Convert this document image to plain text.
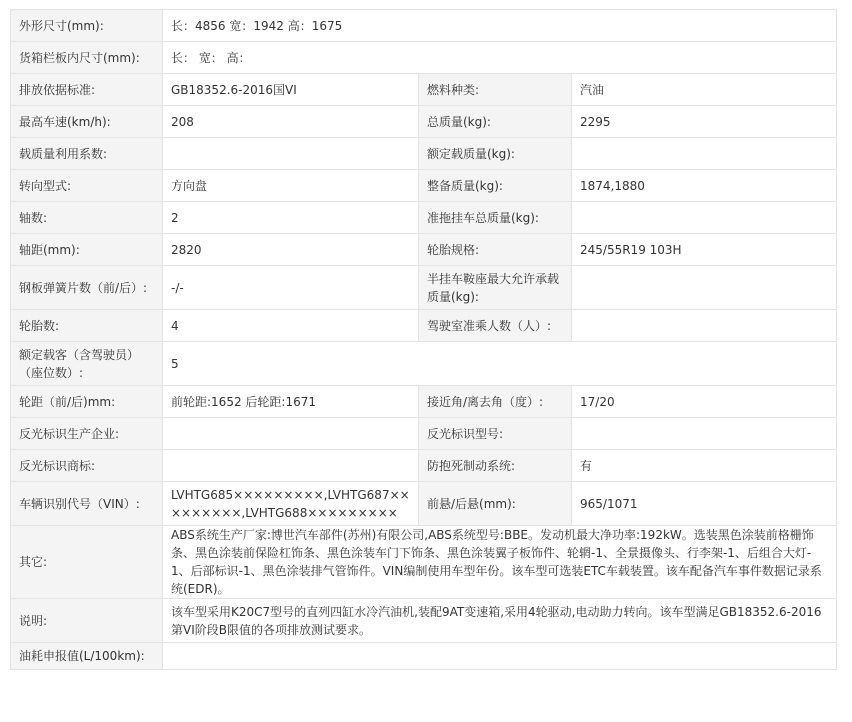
外形尺寸(mm):	长：4856 宽：1942 高：1675		
货箱栏板内尺寸(mm):	长： 宽： 高：		
排放依据标准:	GB18352.6-2016国VI	燃料种类:	汽油
最高车速(km/h):	208	总质量(kg):	2295
载质量利用系数:		额定载质量(kg):	
转向型式:	方向盘	整备质量(kg):	1874,1880
轴数:	2	准拖挂车总质量(kg):	
轴距(mm):	2820	轮胎规格:	245/55R19 103H
钢板弹簧片数（前/后）:	-/-	半挂车鞍座最大允许承载质量(kg):	
轮胎数:	4	驾驶室准乘人数（人）:	
额定载客（含驾驶员）（座位数）:	5		
轮距（前/后)mm:	前轮距:1652 后轮距:1671	接近角/离去角（度）:	17/20
反光标识生产企业:		反光标识型号:	
反光标识商标:		防抱死制动系统:	有
车辆识别代号（VIN）:	LVHTG685×××××××××,LVHTG687×××××××××,LVHTG688×××××××××	前悬/后悬(mm):	965/1071
其它:	ABS系统生产厂家:博世汽车部件(苏州)有限公司,ABS系统型号:BBE。发动机最大净功率:192kW。选装黑色涂装前格栅饰条、黑色涂装前保险杠饰条、黑色涂装车门下饰条、黑色涂装翼子板饰件、轮辋-1、全景摄像头、行李架-1、后组合大灯-1、后部标识-1、黑色涂装排气管饰件。VIN编制使用车型年份。该车型可选装ETC车载装置。该车配备汽车事件数据记录系统(EDR)。		
说明:	该车型采用K20C7型号的直列四缸水冷汽油机,装配9AT变速箱,采用4轮驱动,电动助力转向。该车型满足GB18352.6-2016第VI阶段B限值的各项排放测试要求。		
油耗申报值(L/100km):			
